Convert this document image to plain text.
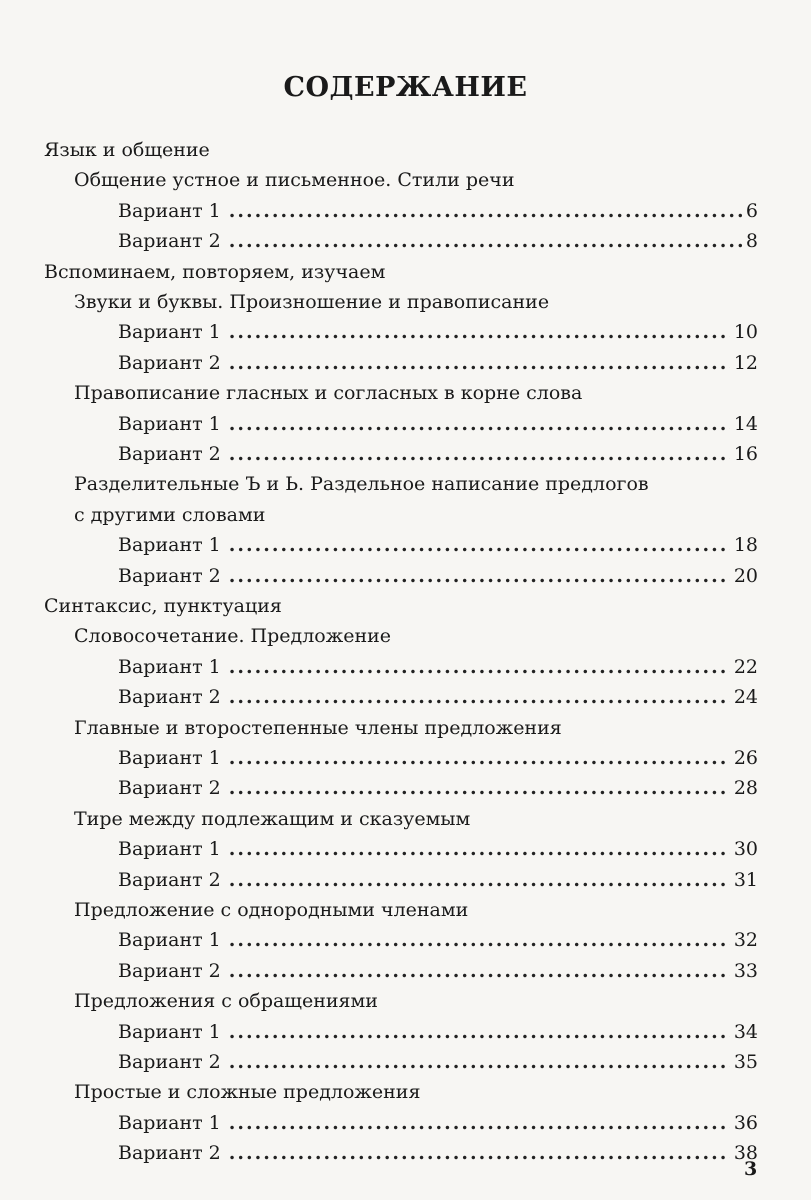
СОДЕРЖАНИЕ
Язык и общение
Общение устное и письменное. Стили речи
Вариант 1 .....	6
Вариант 2 .....	8
Вспоминаем, повторяем, изучаем
Звуки и буквы. Произношение и правописание
Вариант 1 .....	10
Вариант 2 .....	12
Правописание гласных и согласных в корне слова
Вариант 1 .....	14
Вариант 2 .....	16
Разделительные Ъ и Ь. Раздельное написание предлогов
с другими словами
Вариант 1 .....	18
Вариант 2 .....	20
Синтаксис, пунктуация
Словосочетание. Предложение
Вариант 1 .....	22
Вариант 2 .....	24
Главные и второстепенные члены предложения
Вариант 1 .....	26
Вариант 2 .....	28
Тире между подлежащим и сказуемым
Вариант 1 .....	30
Вариант 2 .....	31
Предложение с однородными членами
Вариант 1 .....	32
Вариант 2 .....	33
Предложения с обращениями
Вариант 1 .....	34
Вариант 2 .....	35
Простые и сложные предложения
Вариант 1 .....	36
Вариант 2 .....	38
3
